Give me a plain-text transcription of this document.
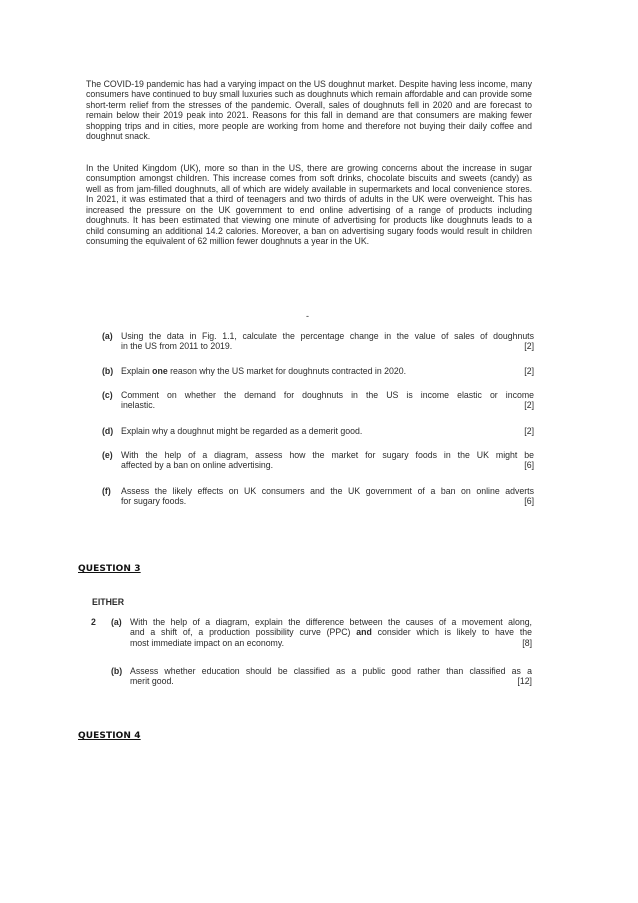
The COVID-19 pandemic has had a varying impact on the US doughnut market. Despite having less income, many consumers have continued to buy small luxuries such as doughnuts which remain affordable and can provide some short-term relief from the stresses of the pandemic. Overall, sales of doughnuts fell in 2020 and are forecast to remain below their 2019 peak into 2021. Reasons for this fall in demand are that consumers are making fewer shopping trips and in cities, more people are working from home and therefore not buying their daily coffee and doughnut snack.

In the United Kingdom (UK), more so than in the US, there are growing concerns about the increase in sugar consumption amongst children. This increase comes from soft drinks, chocolate biscuits and sweets (candy) as well as from jam-filled doughnuts, all of which are widely available in supermarkets and local convenience stores. In 2021, it was estimated that a third of teenagers and two thirds of adults in the UK were overweight. This has increased the pressure on the UK government to end online advertising of a range of products including doughnuts. It has been estimated that viewing one minute of advertising for products like doughnuts leads to a child consuming an additional 14.2 calories. Moreover, a ban on advertising sugary foods would result in children consuming the equivalent of 62 million fewer doughnuts a year in the UK.

-
(a) Using the data in Fig. 1.1, calculate the percentage change in the value of sales of doughnuts
in the US from 2011 to 2019.	[2]
(b) Explain one reason why the US market for doughnuts contracted in 2020.	[2]
(c) Comment on whether the demand for doughnuts in the US is income elastic or income
inelastic.	[2]
(d) Explain why a doughnut might be regarded as a demerit good.	[2]
(e) With the help of a diagram, assess how the market for sugary foods in the UK might be
affected by a ban on online advertising.	[6]
(f) Assess the likely effects on UK consumers and the UK government of a ban on online adverts
for sugary foods.	[6]
QUESTION 3
EITHER
2 (a) With the help of a diagram, explain the difference between the causes of a movement along,
and a shift of, a production possibility curve (PPC) and consider which is likely to have the
most immediate impact on an economy.	[8]
(b) Assess whether education should be classified as a public good rather than classified as a
merit good.	[12]
QUESTION 4
